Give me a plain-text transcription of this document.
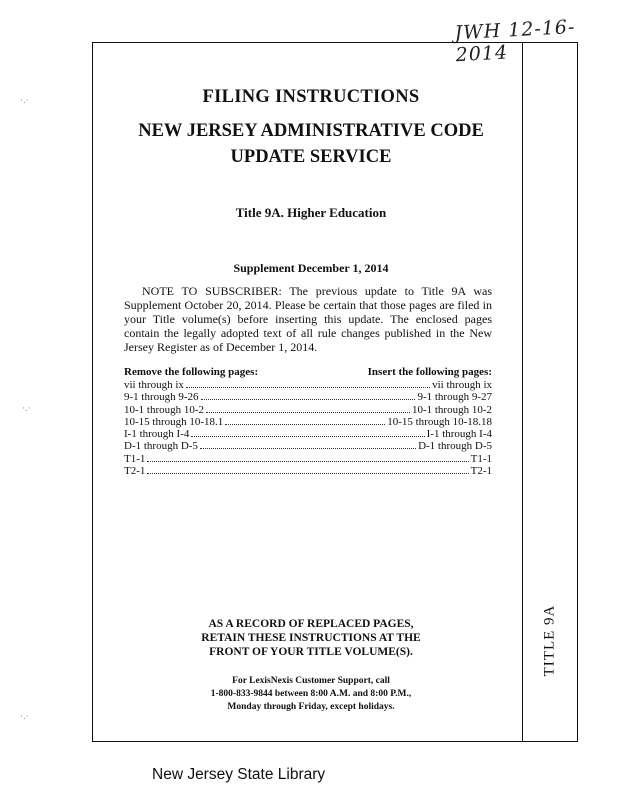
JWH 12-16-2014
·.·
·.·
·.·
TITLE 9A
FILING INSTRUCTIONS
NEW JERSEY ADMINISTRATIVE CODE
UPDATE SERVICE
Title 9A. Higher Education
Supplement December 1, 2014
NOTE TO SUBSCRIBER: The previous update to Title 9A was Supplement October 20, 2014. Please be certain that those pages are filed in your Title volume(s) before inserting this update. The enclosed pages contain the legally adopted text of all rule changes published in the New Jersey Register as of December 1, 2014.
Remove the following pages:	Insert the following pages:
vii through ix	vii through ix
9-1 through 9-26	9-1 through 9-27
10-1 through 10-2	10-1 through 10-2
10-15 through 10-18.1	10-15 through 10-18.18
I-1 through I-4	I-1 through I-4
D-1 through D-5	D-1 through D-5
T1-1	T1-1
T2-1	T2-1
AS A RECORD OF REPLACED PAGES,
RETAIN THESE INSTRUCTIONS AT THE
FRONT OF YOUR TITLE VOLUME(S).
For LexisNexis Customer Support, call
1-800-833-9844 between 8:00 A.M. and 8:00 P.M.,
Monday through Friday, except holidays.
New Jersey State Library
